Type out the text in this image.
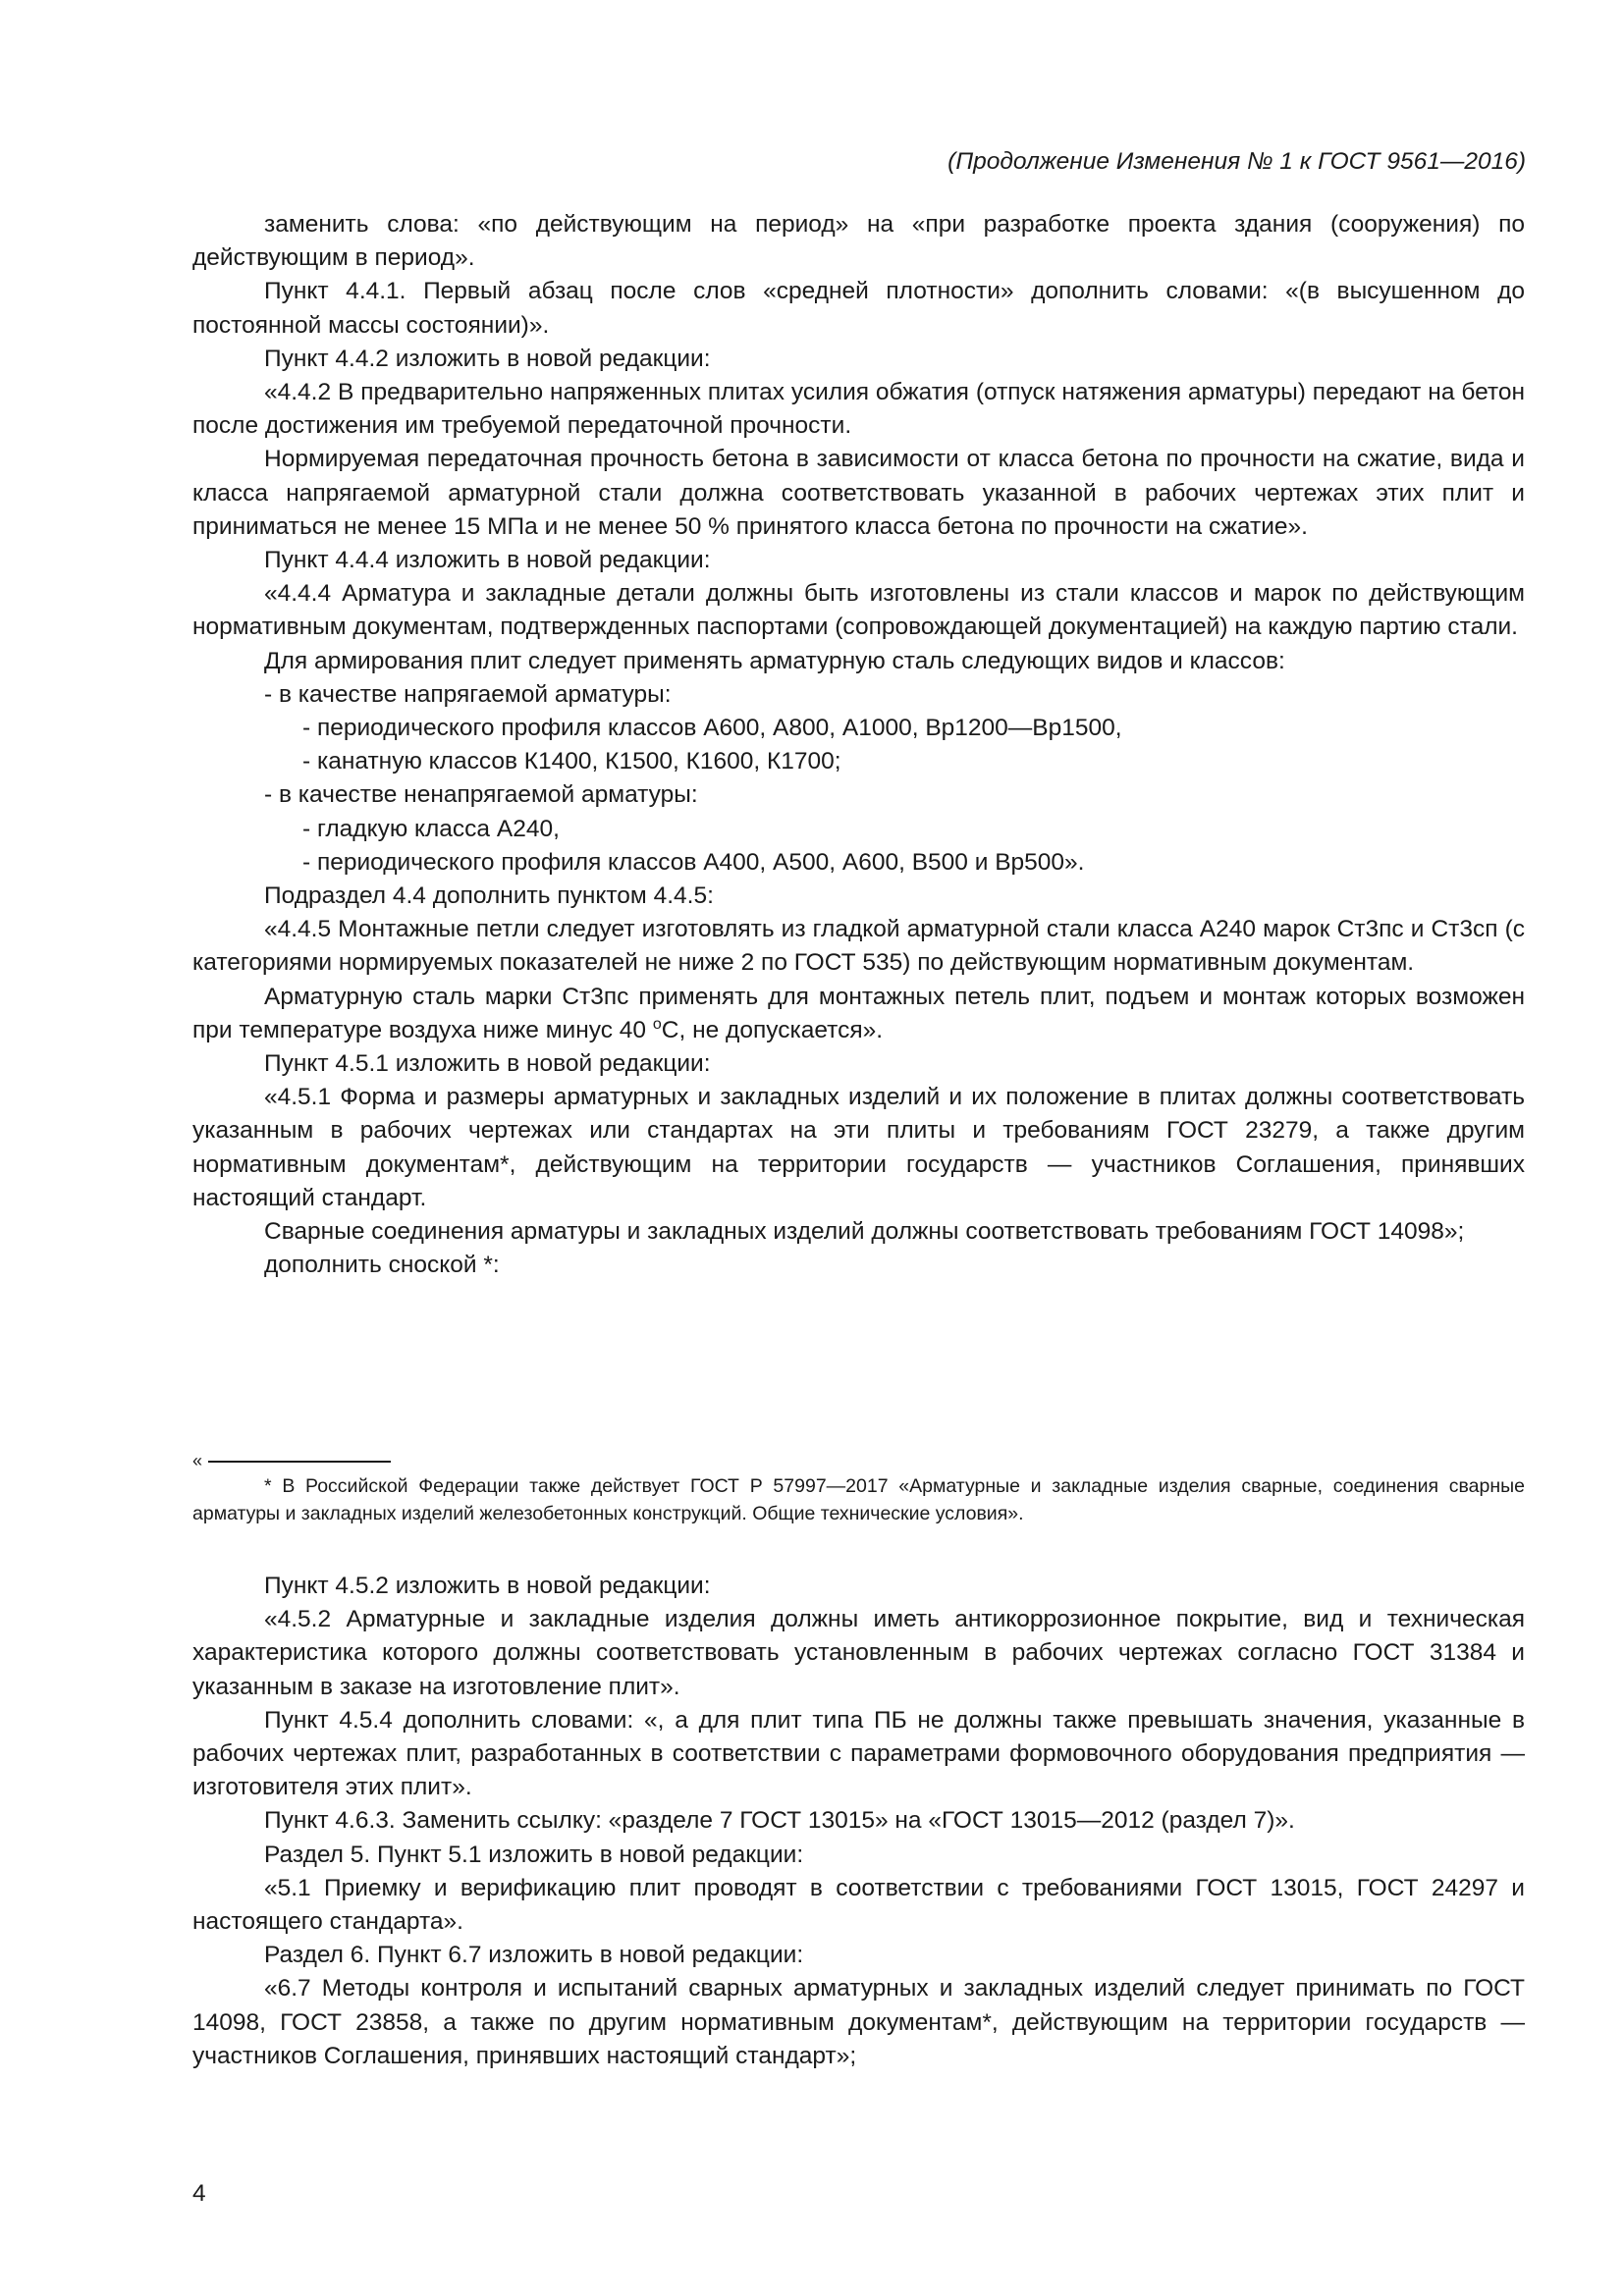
(Продолжение Изменения № 1 к ГОСТ 9561—2016)

заменить слова: «по действующим на период» на «при разработке проекта здания (сооружения) по действующим в период».

Пункт 4.4.1. Первый абзац после слов «средней плотности» дополнить словами: «(в высушенном до постоянной массы состоянии)».

Пункт 4.4.2 изложить в новой редакции:

«4.4.2 В предварительно напряженных плитах усилия обжатия (отпуск натяжения арматуры) передают на бетон после достижения им требуемой передаточной прочности.

Нормируемая передаточная прочность бетона в зависимости от класса бетона по прочности на сжатие, вида и класса напрягаемой арматурной стали должна соответствовать указанной в рабочих чертежах этих плит и приниматься не менее 15 МПа и не менее 50 % принятого класса бетона по прочности на сжатие».

Пункт 4.4.4 изложить в новой редакции:

«4.4.4 Арматура и закладные детали должны быть изготовлены из стали классов и марок по действующим нормативным документам, подтвержденных паспортами (сопровождающей документацией) на каждую партию стали.

Для армирования плит следует применять арматурную сталь следующих видов и классов:

- в качестве напрягаемой арматуры:

- периодического профиля классов А600, А800, А1000, Вр1200—Вр1500,

- канатную классов К1400, К1500, К1600, К1700;

- в качестве ненапрягаемой арматуры:

- гладкую класса А240,

- периодического профиля классов А400, А500, А600, В500 и Вр500».

Подраздел 4.4 дополнить пунктом 4.4.5:

«4.4.5 Монтажные петли следует изготовлять из гладкой арматурной стали класса А240 марок Ст3пс и Ст3сп (с категориями нормируемых показателей не ниже 2 по ГОСТ 535) по действующим нормативным документам.

Арматурную сталь марки Ст3пс применять для монтажных петель плит, подъем и монтаж которых возможен при температуре воздуха ниже минус 40 $^о$С, не допускается».

Пункт 4.5.1 изложить в новой редакции:

«4.5.1 Форма и размеры арматурных и закладных изделий и их положение в плитах должны соответствовать указанным в рабочих чертежах или стандартах на эти плиты и требованиям ГОСТ 23279, а также другим нормативным документам*, действующим на территории государств — участников Соглашения, принявших настоящий стандарт.

Сварные соединения арматуры и закладных изделий должны соответствовать требованиям ГОСТ 14098»;

дополнить сноской *:

«

* В Российской Федерации также действует ГОСТ Р 57997—2017 «Арматурные и закладные изделия сварные, соединения сварные арматуры и закладных изделий железобетонных конструкций. Общие технические условия».

Пункт 4.5.2 изложить в новой редакции:

«4.5.2 Арматурные и закладные изделия должны иметь антикоррозионное покрытие, вид и техническая характеристика которого должны соответствовать установленным в рабочих чертежах согласно ГОСТ 31384 и указанным в заказе на изготовление плит».

Пункт 4.5.4 дополнить словами: «, а для плит типа ПБ не должны также превышать значения, указанные в рабочих чертежах плит, разработанных в соответствии с параметрами формовочного оборудования предприятия — изготовителя этих плит».

Пункт 4.6.3. Заменить ссылку: «разделе 7 ГОСТ 13015» на «ГОСТ 13015—2012 (раздел 7)».

Раздел 5. Пункт 5.1 изложить в новой редакции:

«5.1 Приемку и верификацию плит проводят в соответствии с требованиями ГОСТ 13015, ГОСТ 24297 и настоящего стандарта».

Раздел 6. Пункт 6.7 изложить в новой редакции:

«6.7 Методы контроля и испытаний сварных арматурных и закладных изделий следует принимать по ГОСТ 14098, ГОСТ 23858, а также по другим нормативным документам*, действующим на территории государств — участников Соглашения, принявших настоящий стандарт»;

4
